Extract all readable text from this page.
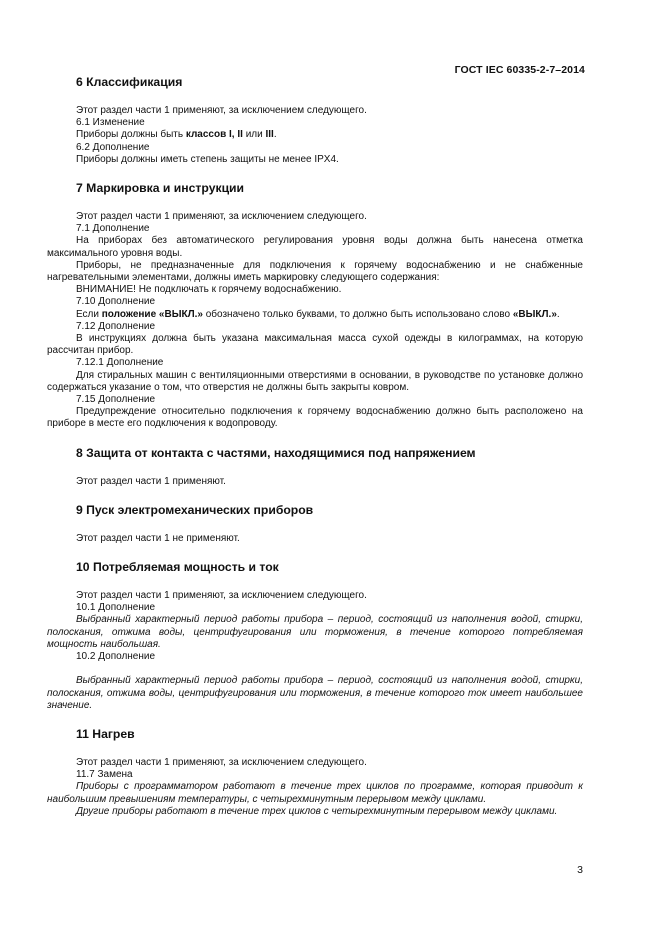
ГОСТ IEC 60335-2-7–2014
6 Классификация
Этот раздел части 1 применяют, за исключением следующего.
6.1 Изменение
Приборы должны быть классов I, II или III.
6.2 Дополнение
Приборы должны иметь степень защиты не менее IPX4.
7 Маркировка и инструкции
Этот раздел части 1 применяют, за исключением следующего.
7.1 Дополнение
На приборах без автоматического регулирования уровня воды должна быть нанесена отметка максимального уровня воды.
Приборы, не предназначенные для подключения к горячему водоснабжению и не снабженные нагревательными элементами, должны иметь маркировку следующего содержания:
ВНИМАНИЕ! Не подключать к горячему водоснабжению.
7.10 Дополнение
Если положение «ВЫКЛ.» обозначено только буквами, то должно быть использовано слово «ВЫКЛ.».
7.12 Дополнение
В инструкциях должна быть указана максимальная масса сухой одежды в килограммах, на которую рассчитан прибор.
7.12.1 Дополнение
Для стиральных машин с вентиляционными отверстиями в основании, в руководстве по установке должно содержаться указание о том, что отверстия не должны быть закрыты ковром.
7.15 Дополнение
Предупреждение относительно подключения к горячему водоснабжению должно быть расположено на приборе в месте его подключения к водопроводу.
8 Защита от контакта с частями, находящимися под напряжением
Этот раздел части 1 применяют.
9 Пуск электромеханических приборов
Этот раздел части 1 не применяют.
10 Потребляемая мощность и ток
Этот раздел части 1 применяют, за исключением следующего.
10.1 Дополнение
Выбранный характерный период работы прибора – период, состоящий из наполнения водой, стирки, полоскания, отжима воды, центрифугирования или торможения, в течение которого потребляемая мощность наибольшая.
10.2 Дополнение
Выбранный характерный период работы прибора – период, состоящий из наполнения водой, стирки, полоскания, отжима воды, центрифугирования или торможения, в течение которого ток имеет наибольшее значение.
11 Нагрев
Этот раздел части 1 применяют, за исключением следующего.
11.7 Замена
Приборы с программатором работают в течение трех циклов по программе, которая приводит к наибольшим превышениям температуры, с четырехминутным перерывом между циклами.
Другие приборы работают в течение трех циклов с четырехминутным перерывом между циклами.
3
